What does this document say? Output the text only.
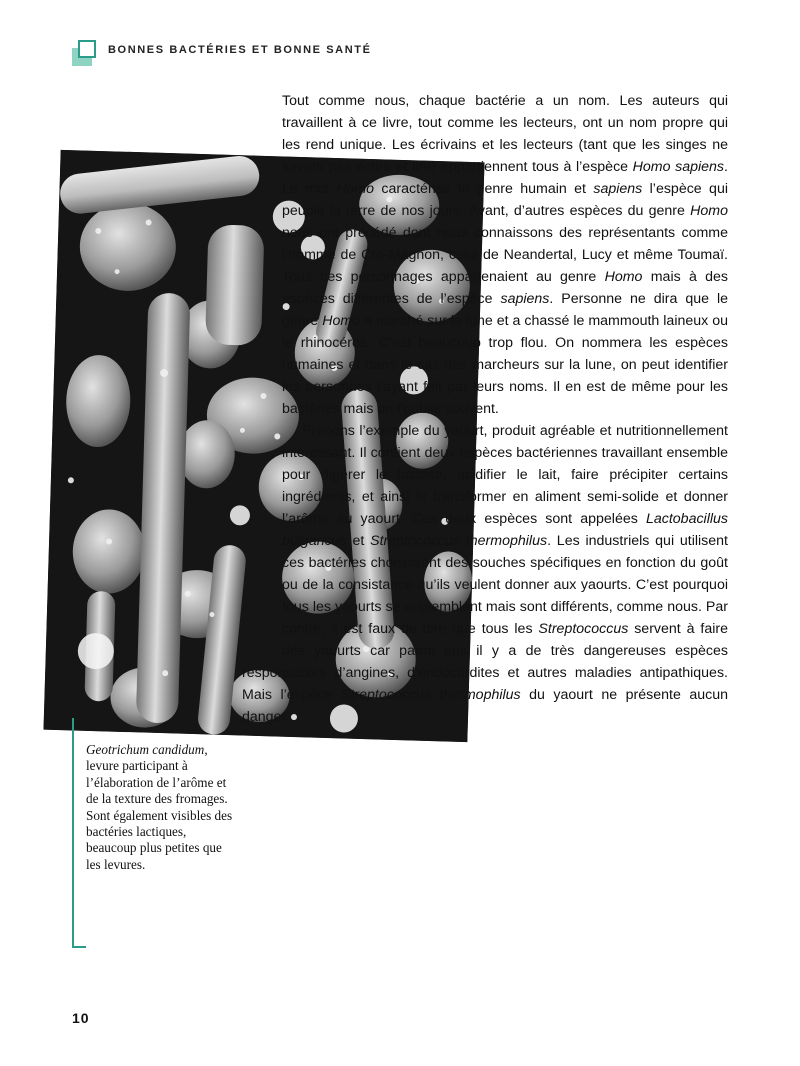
BONNES BACTÉRIES ET BONNE SANTÉ

Tout comme nous, chaque bactérie a un nom. Les auteurs qui travaillent à ce livre, tout comme les lecteurs, ont un nom propre qui les rend unique. Les écrivains et les lecteurs (tant que les singes ne savent pas écrire et lire) appartiennent tous à l’espèce Homo sapiens. Le mot Homo caractérise le genre humain et sapiens l’espèce qui peuple la terre de nos jours. Avant, d’autres espèces du genre Homo nous ont précédé dont nous connaissons des représentants comme l’homme de Cro-Magnon, celui de Neandertal, Lucy et même Toumaï. Tous ces personnages appartenaient au genre Homo mais à des espèces différentes de l’espèce sapiens. Personne ne dira que le genre Homo a marché sur la lune et a chassé le mammouth laineux ou le rhinocéros. C’est beaucoup trop flou. On nommera les espèces humaines et dans le cas des marcheurs sur la lune, on peut identifier les personnes l’ayant fait par leurs noms. Il en est de même pour les bactéries mais on l’oublie souvent.

Prenons l’exemple du yaourt, produit agréable et nutritionnellement intéressant. Il contient deux espèces bactériennes travaillant ensemble pour digérer le lactose, acidifier le lait, faire précipiter certains ingrédients, et ainsi le transformer en aliment semi-solide et donner l’arôme au yaourt. Ces deux espèces sont appelées Lactobacillus bulgaricus et Streptococcus thermophilus. Les industriels qui utilisent ces bactéries choisissent des souches spécifiques en fonction du goût ou de la consistance qu’ils veulent donner aux yaourts. C’est pourquoi tous les yaourts se ressemblent mais sont différents, comme nous. Par contre, il est faux de dire que tous les Streptococcus servent à faire des yaourts car parmi eux il y a de très dangereuses espèces responsables d’angines, d’endocardites et autres maladies antipathiques. Mais l’espèce Streptococcus thermophilus du yaourt ne présente aucun danger.

Geotrichum candidum, levure participant à l’élaboration de l’arôme et de la texture des fromages. Sont également visibles des bactéries lactiques, beaucoup plus petites que les levures.
10
